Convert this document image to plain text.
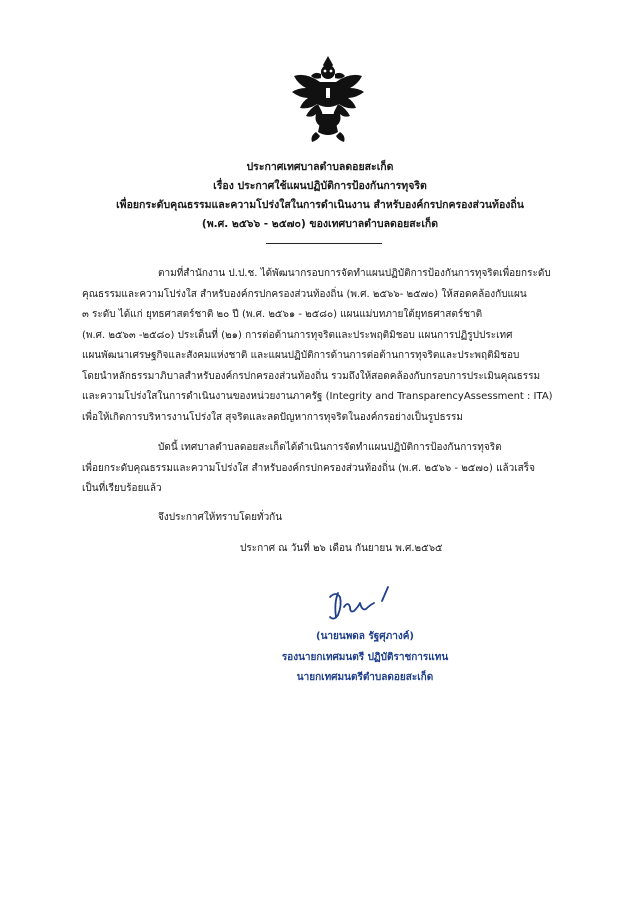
ประกาศเทศบาลตำบลดอยสะเก็ด
เรื่อง ประกาศใช้แผนปฏิบัติการป้องกันการทุจริต
เพื่อยกระดับคุณธรรมและความโปร่งใสในการดำเนินงาน สำหรับองค์กรปกครองส่วนท้องถิ่น
(พ.ศ. ๒๕๖๖ - ๒๕๗๐) ของเทศบาลตำบลดอยสะเก็ด
ตามที่สำนักงาน ป.ป.ช. ได้พัฒนากรอบการจัดทำแผนปฏิบัติการป้องกันการทุจริตเพื่อยกระดับ
คุณธรรมและความโปร่งใส สำหรับองค์กรปกครองส่วนท้องถิ่น (พ.ศ. ๒๕๖๖- ๒๕๗๐) ให้สอดคล้องกับแผน
๓ ระดับ ได้แก่ ยุทธศาสตร์ชาติ ๒๐ ปี (พ.ศ. ๒๕๖๑ - ๒๕๘๐) แผนแม่บทภายใต้ยุทธศาสตร์ชาติ
(พ.ศ. ๒๕๖๓ -๒๕๘๐) ประเด็นที่ (๒๑) การต่อต้านการทุจริตและประพฤติมิชอบ แผนการปฏิรูปประเทศ
แผนพัฒนาเศรษฐกิจและสังคมแห่งชาติ และแผนปฏิบัติการด้านการต่อต้านการทุจริตและประพฤติมิชอบ
โดยนำหลักธรรมาภิบาลสำหรับองค์กรปกครองส่วนท้องถิ่น รวมถึงให้สอดคล้องกับกรอบการประเมินคุณธรรม
และความโปร่งใสในการดำเนินงานของหน่วยงานภาครัฐ (Integrity and TransparencyAssessment : ITA)
เพื่อให้เกิดการบริหารงานโปร่งใส สุจริตและลดปัญหาการทุจริตในองค์กรอย่างเป็นรูปธรรม
บัดนี้ เทศบาลตำบลดอยสะเก็ดได้ดำเนินการจัดทำแผนปฏิบัติการป้องกันการทุจริต
เพื่อยกระดับคุณธรรมและความโปร่งใส สำหรับองค์กรปกครองส่วนท้องถิ่น (พ.ศ. ๒๕๖๖ - ๒๕๗๐) แล้วเสร็จ
เป็นที่เรียบร้อยแล้ว
จึงประกาศให้ทราบโดยทั่วกัน
ประกาศ ณ วันที่ ๒๖ เดือน กันยายน พ.ศ.๒๕๖๕
(นายนพดล รัฐศุภางค์)
รองนายกเทศมนตรี ปฏิบัติราชการแทน
นายกเทศมนตรีตำบลดอยสะเก็ด
